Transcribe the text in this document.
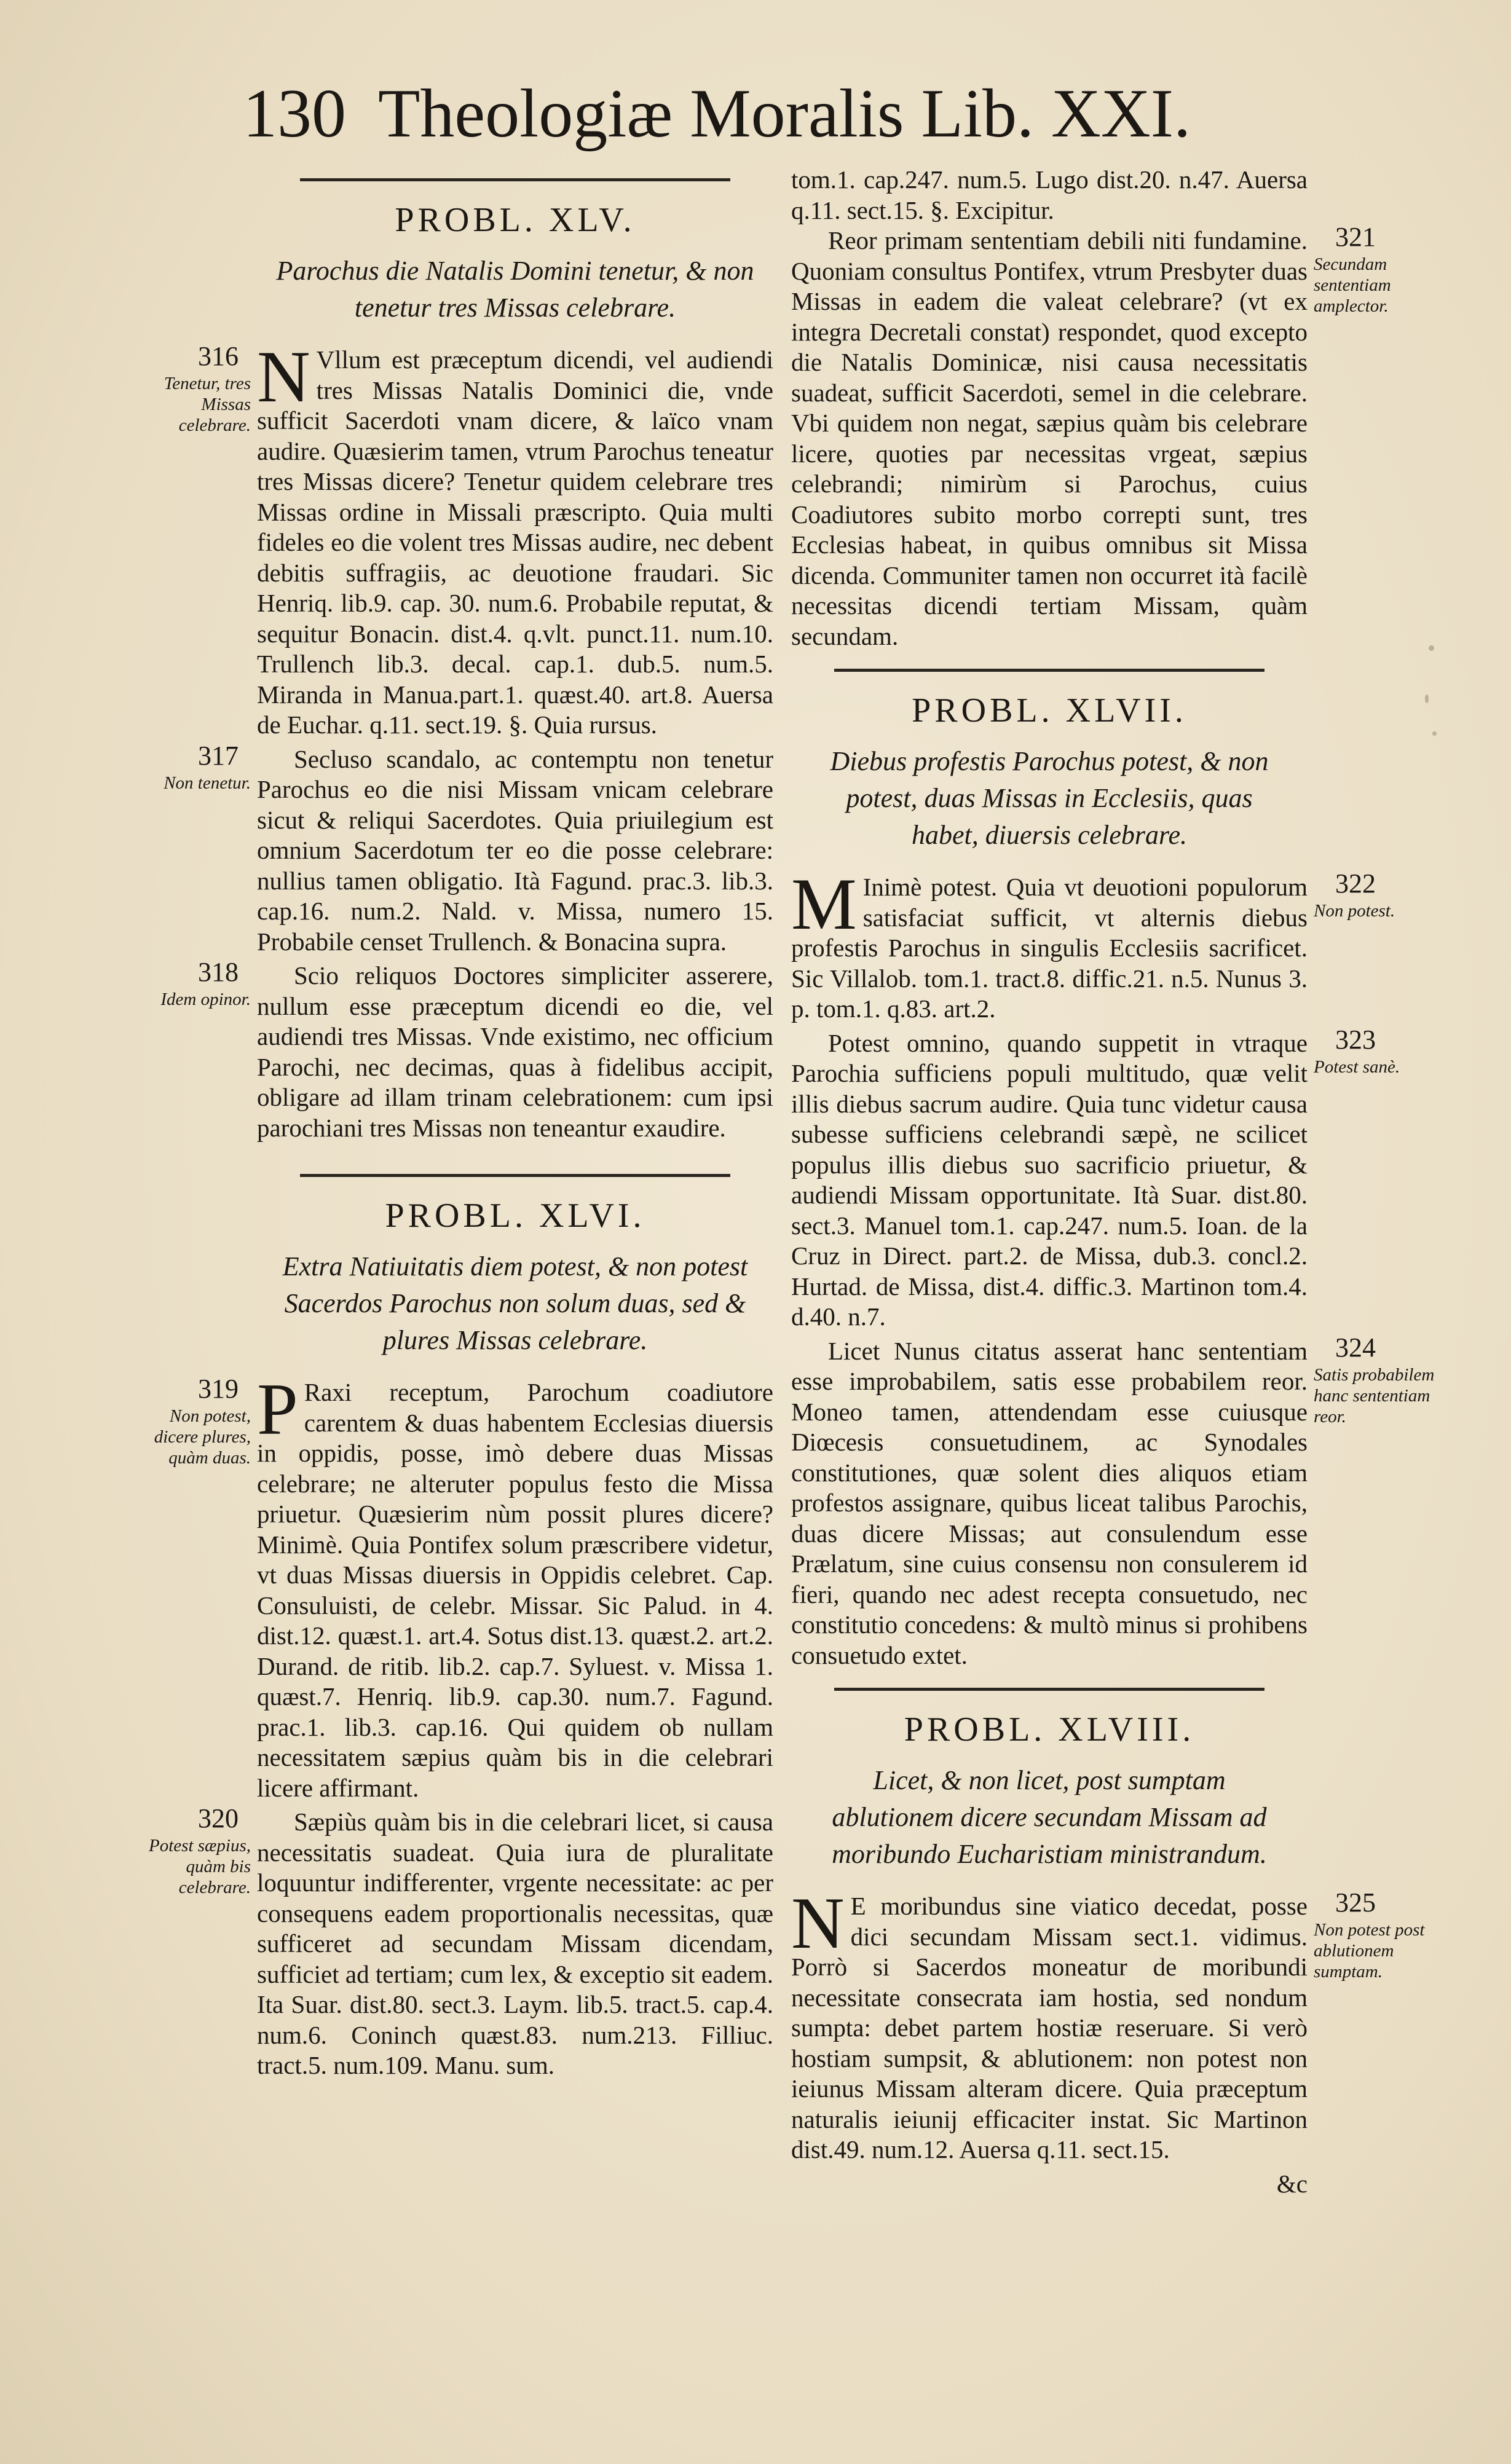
130 Theologiæ Moralis Lib. XXI.
PROBL. XLV.
Parochus die Natalis Domini tenetur, & non tenetur tres Missas celebrare.
316
Tenetur, tres Missas celebrare.

N Vllum est præceptum dicendi, vel audiendi tres Missas Natalis Dominici die, vnde sufficit Sacerdoti vnam dicere, & laïco vnam audire. Quæsierim tamen, vtrum Parochus teneatur tres Missas dicere? Tenetur quidem celebrare tres Missas ordine in Missali præscripto. Quia multi fideles eo die volent tres Missas audire, nec debent debitis suffragiis, ac deuotione fraudari. Sic Henriq. lib.9. cap. 30. num.6. Probabile reputat, & sequitur Bonacin. dist.4. q.vlt. punct.11. num.10. Trullench lib.3. decal. cap.1. dub.5. num.5. Miranda in Manua.part.1. quæst.40. art.8. Auersa de Euchar. q.11. sect.19. §. Quia rursus.

317
Non tenetur.

Secluso scandalo, ac contemptu non tenetur Parochus eo die nisi Missam vnicam celebrare sicut & reliqui Sacerdotes. Quia priuilegium est omnium Sacerdotum ter eo die posse celebrare: nullius tamen obligatio. Ità Fagund. prac.3. lib.3. cap.16. num.2. Nald. v. Missa, numero 15. Probabile censet Trullench. & Bonacina supra.

318
Idem opinor.

Scio reliquos Doctores simpliciter asserere, nullum esse præceptum dicendi eo die, vel audiendi tres Missas. Vnde existimo, nec officium Parochi, nec decimas, quas à fidelibus accipit, obligare ad illam trinam celebrationem: cum ipsi parochiani tres Missas non teneantur exaudire.

PROBL. XLVI.
Extra Natiuitatis diem potest, & non potest Sacerdos Parochus non solum duas, sed & plures Missas celebrare.
319
Non potest, dicere plures, quàm duas.

P Raxi receptum, Parochum coadiutore carentem & duas habentem Ecclesias diuersis in oppidis, posse, imò debere duas Missas celebrare; ne alteruter populus festo die Missa priuetur. Quæsierim nùm possit plures dicere? Minimè. Quia Pontifex solum præscribere videtur, vt duas Missas diuersis in Oppidis celebret. Cap. Consuluisti, de celebr. Missar. Sic Palud. in 4. dist.12. quæst.1. art.4. Sotus dist.13. quæst.2. art.2. Durand. de ritib. lib.2. cap.7. Syluest. v. Missa 1. quæst.7. Henriq. lib.9. cap.30. num.7. Fagund. prac.1. lib.3. cap.16. Qui quidem ob nullam necessitatem sæpius quàm bis in die celebrari licere affirmant.

320
Potest sæpius, quàm bis celebrare.

Sæpiùs quàm bis in die celebrari licet, si causa necessitatis suadeat. Quia iura de pluralitate loquuntur indifferenter, vrgente necessitate: ac per consequens eadem proportionalis necessitas, quæ sufficeret ad secundam Missam dicendam, sufficiet ad tertiam; cum lex, & exceptio sit eadem. Ita Suar. dist.80. sect.3. Laym. lib.5. tract.5. cap.4. num.6. Coninch quæst.83. num.213. Filliuc. tract.5. num.109. Manu. sum.

tom.1. cap.247. num.5. Lugo dist.20. n.47. Auersa q.11. sect.15. §. Excipitur.

321
Secundam sententiam amplector.

Reor primam sententiam debili niti fundamine. Quoniam consultus Pontifex, vtrum Presbyter duas Missas in eadem die valeat celebrare? (vt ex integra Decretali constat) respondet, quod excepto die Natalis Dominicæ, nisi causa necessitatis suadeat, sufficit Sacerdoti, semel in die celebrare. Vbi quidem non negat, sæpius quàm bis celebrare licere, quoties par necessitas vrgeat, sæpius celebrandi; nimirùm si Parochus, cuius Coadiutores subito morbo correpti sunt, tres Ecclesias habeat, in quibus omnibus sit Missa dicenda. Communiter tamen non occurret ità facilè necessitas dicendi tertiam Missam, quàm secundam.

PROBL. XLVII.
Diebus profestis Parochus potest, & non potest, duas Missas in Ecclesiis, quas habet, diuersis celebrare.
322
Non potest.

M Inimè potest. Quia vt deuotioni populorum satisfaciat sufficit, vt alternis diebus profestis Parochus in singulis Ecclesiis sacrificet. Sic Villalob. tom.1. tract.8. diffic.21. n.5. Nunus 3. p. tom.1. q.83. art.2.

323
Potest sanè.

Potest omnino, quando suppetit in vtraque Parochia sufficiens populi multitudo, quæ velit illis diebus sacrum audire. Quia tunc videtur causa subesse sufficiens celebrandi sæpè, ne scilicet populus illis diebus suo sacrificio priuetur, & audiendi Missam opportunitate. Ità Suar. dist.80. sect.3. Manuel tom.1. cap.247. num.5. Ioan. de la Cruz in Direct. part.2. de Missa, dub.3. concl.2. Hurtad. de Missa, dist.4. diffic.3. Martinon tom.4. d.40. n.7.

324
Satis probabilem hanc sententiam reor.

Licet Nunus citatus asserat hanc sententiam esse improbabilem, satis esse probabilem reor. Moneo tamen, attendendam esse cuiusque Diœcesis consuetudinem, ac Synodales constitutiones, quæ solent dies aliquos etiam profestos assignare, quibus liceat talibus Parochis, duas dicere Missas; aut consulendum esse Prælatum, sine cuius consensu non consulerem id fieri, quando nec adest recepta consuetudo, nec constitutio concedens: & multò minus si prohibens consuetudo extet.

PROBL. XLVIII.
Licet, & non licet, post sumptam ablutionem dicere secundam Missam ad moribundo Eucharistiam ministrandum.
325
Non potest post ablutionem sumptam.

N E moribundus sine viatico decedat, posse dici secundam Missam sect.1. vidimus. Porrò si Sacerdos moneatur de moribundi necessitate consecrata iam hostia, sed nondum sumpta: debet partem hostiæ reseruare. Si verò hostiam sumpsit, & ablutionem: non potest non ieiunus Missam alteram dicere. Quia præceptum naturalis ieiunij efficaciter instat. Sic Martinon dist.49. num.12. Auersa q.11. sect.15.

&c
